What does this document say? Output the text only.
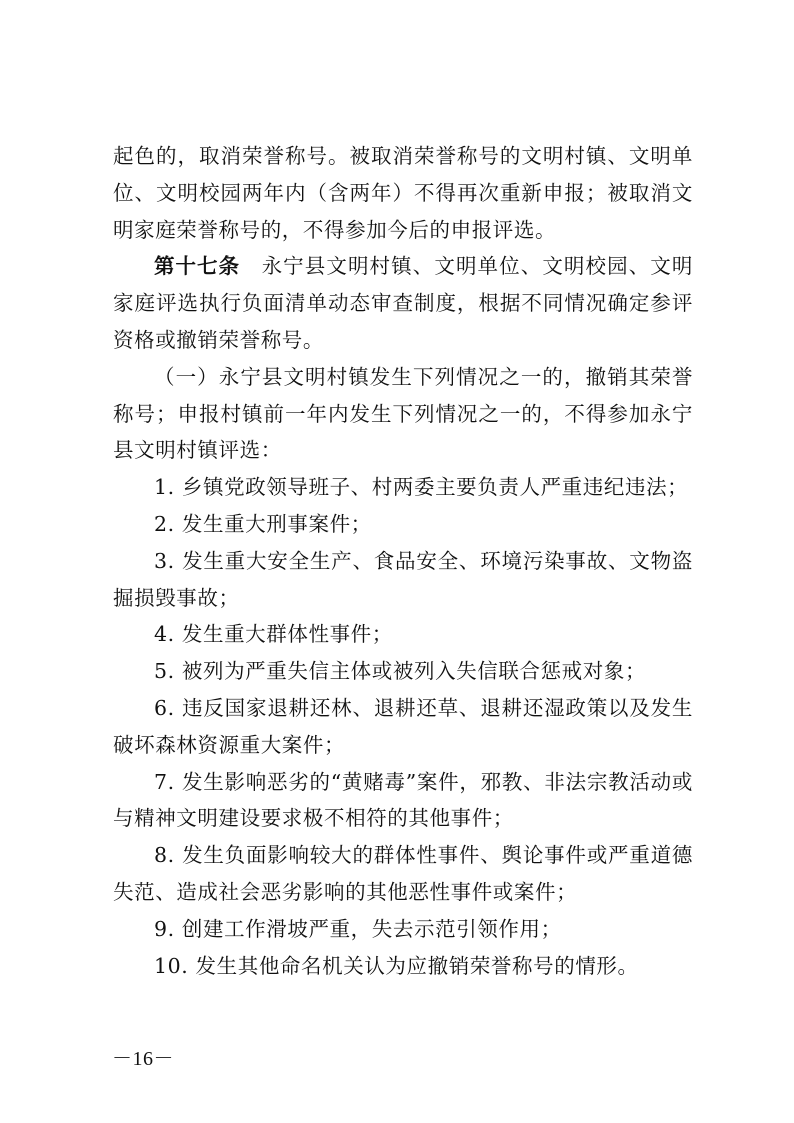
起色的，取消荣誉称号。被取消荣誉称号的文明村镇、文明单位、文明校园两年内（含两年）不得再次重新申报；被取消文明家庭荣誉称号的，不得参加今后的申报评选。

第十七条　永宁县文明村镇、文明单位、文明校园、文明家庭评选执行负面清单动态审查制度，根据不同情况确定参评资格或撤销荣誉称号。

（一）永宁县文明村镇发生下列情况之一的，撤销其荣誉称号；申报村镇前一年内发生下列情况之一的，不得参加永宁县文明村镇评选：

1. 乡镇党政领导班子、村两委主要负责人严重违纪违法；

2. 发生重大刑事案件；

3. 发生重大安全生产、食品安全、环境污染事故、文物盗掘损毁事故；

4. 发生重大群体性事件；

5. 被列为严重失信主体或被列入失信联合惩戒对象；

6. 违反国家退耕还林、退耕还草、退耕还湿政策以及发生破坏森林资源重大案件；

7. 发生影响恶劣的“黄赌毒”案件，邪教、非法宗教活动或与精神文明建设要求极不相符的其他事件；

8. 发生负面影响较大的群体性事件、舆论事件或严重道德失范、造成社会恶劣影响的其他恶性事件或案件；

9. 创建工作滑坡严重，失去示范引领作用；

10. 发生其他命名机关认为应撤销荣誉称号的情形。

－16－
